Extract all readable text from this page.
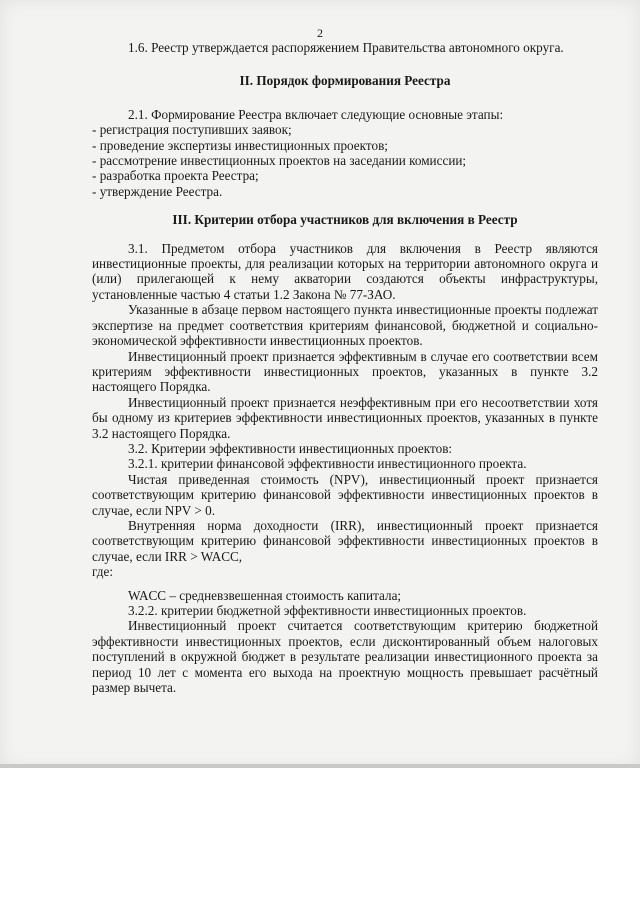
2

1.6. Реестр утверждается распоряжением Правительства автономного округа.

II. Порядок формирования Реестра

2.1. Формирование Реестра включает следующие основные этапы:

- регистрация поступивших заявок;

- проведение экспертизы инвестиционных проектов;

- рассмотрение инвестиционных проектов на заседании комиссии;

- разработка проекта Реестра;

- утверждение Реестра.

III. Критерии отбора участников для включения в Реестр

3.1. Предметом отбора участников для включения в Реестр являются инвестиционные проекты, для реализации которых на территории автономного округа и (или) прилегающей к нему акватории создаются объекты инфраструктуры, установленные частью 4 статьи 1.2 Закона № 77-ЗАО.

Указанные в абзаце первом настоящего пункта инвестиционные проекты подлежат экспертизе на предмет соответствия критериям финансовой, бюджетной и социально-экономической эффективности инвестиционных проектов.

Инвестиционный проект признается эффективным в случае его соответствии всем критериям эффективности инвестиционных проектов, указанных в пункте 3.2 настоящего Порядка.

Инвестиционный проект признается неэффективным при его несоответствии хотя бы одному из критериев эффективности инвестиционных проектов, указанных в пункте 3.2 настоящего Порядка.

3.2. Критерии эффективности инвестиционных проектов:

3.2.1. критерии финансовой эффективности инвестиционного проекта.

Чистая приведенная стоимость (NPV), инвестиционный проект признается соответствующим критерию финансовой эффективности инвестиционных проектов в случае, если NPV > 0.

Внутренняя норма доходности (IRR), инвестиционный проект признается соответствующим критерию финансовой эффективности инвестиционных проектов в случае, если IRR > WACC,

где:

WACC – средневзвешенная стоимость капитала;

3.2.2. критерии бюджетной эффективности инвестиционных проектов.

Инвестиционный проект считается соответствующим критерию бюджетной эффективности инвестиционных проектов, если дисконтированный объем налоговых поступлений в окружной бюджет в результате реализации инвестиционного проекта за период 10 лет с момента его выхода на проектную мощность превышает расчётный размер вычета.
